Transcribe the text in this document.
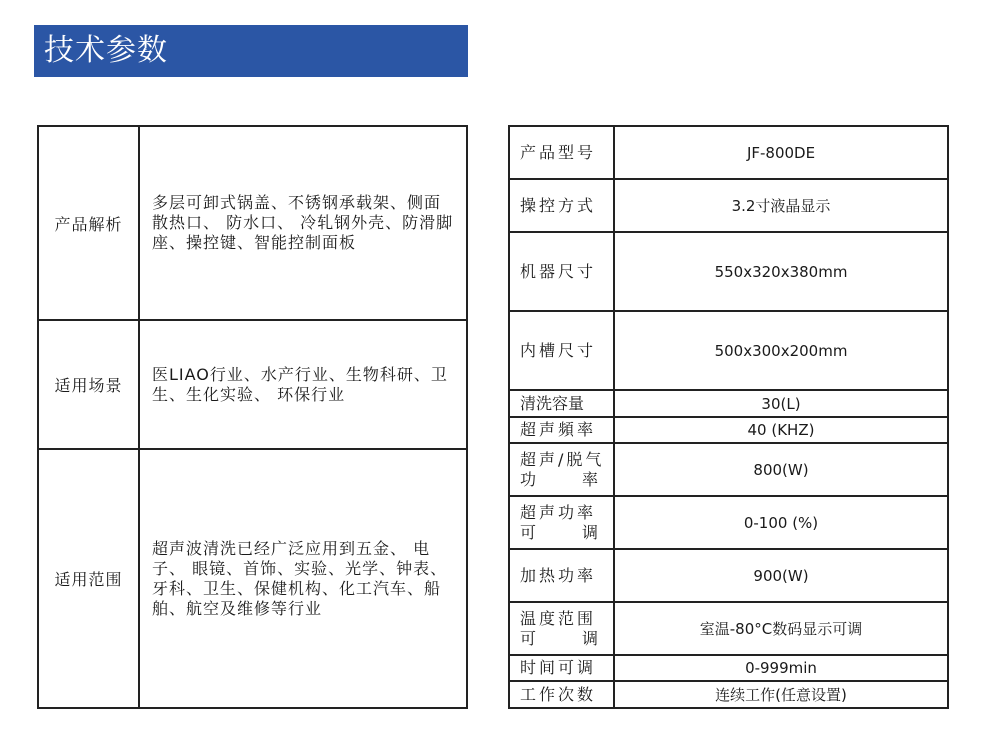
技术参数
产品解析	多层可卸式锅盖、不锈钢承载架、侧面散热口、 防水口、 冷轧钢外壳、防滑脚座、操控键、智能控制面板
适用场景	医LIAO行业、水产行业、生物科研、卫生、生化实验、 环保行业
适用范围	超声波清洗已经广泛应用到五金、 电子、 眼镜、首饰、实验、光学、钟表、牙科、卫生、保健机构、化工汽车、船舶、航空及维修等行业
产品型号	JF-800DE
操控方式	3.2寸液晶显示
机器尺寸	550x320x380mm
内槽尺寸	500x300x200mm
清洗容量	30(L)
超声頻率	40 (KHZ)

超声/脱气
功 率	800(W)

超声功率
可 调	0-100 (%)
加热功率	900(W)

温度范围
可 调	室温-80°C数码显示可调
时间可调	0-999min
工作次数	连续工作(任意设置)
